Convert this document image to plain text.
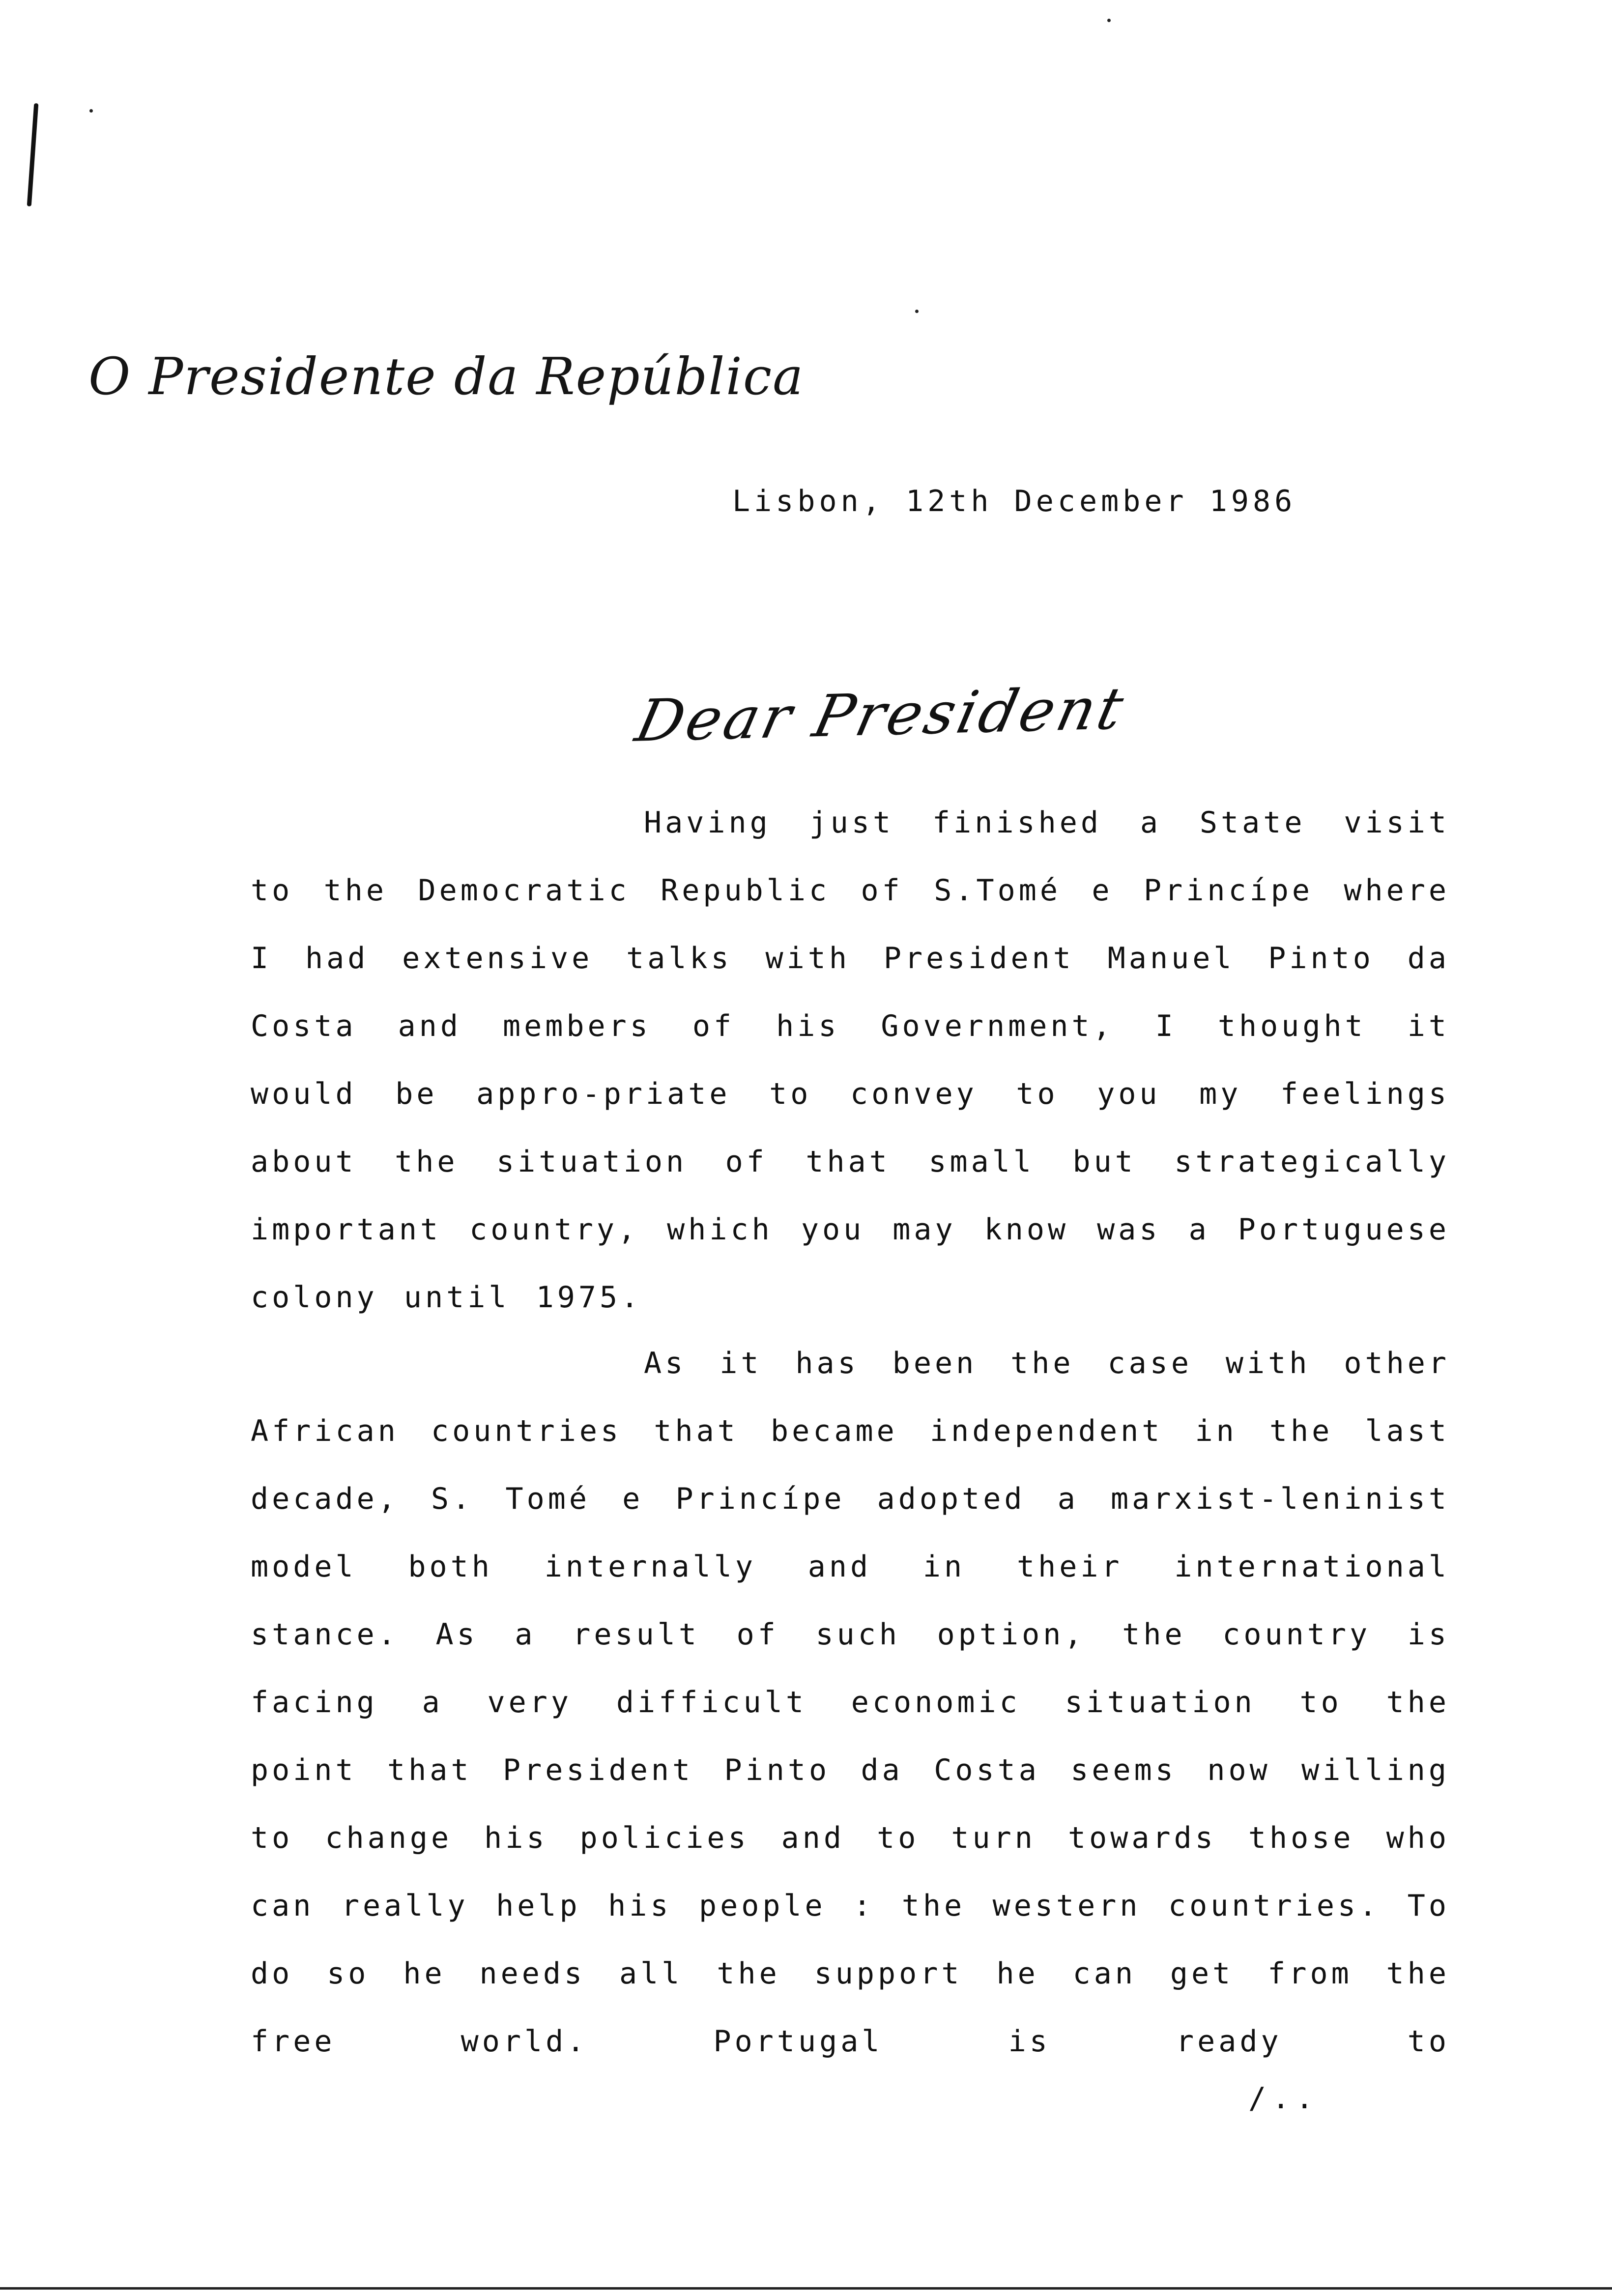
O Presidente da República
Lisbon, 12th December 1986
Dear President

Having just finished a State visit to the Democratic Republic of S.Tomé e Princípe where I had extensive talks with President Manuel Pinto da Costa and members of his Government, I thought it would be appro-priate to convey to you my feelings about the situation of that small but strategically important country, which you may know was a Portuguese colony until 1975.

As it has been the case with other African countries that became independent in the last decade, S. Tomé e Princípe adopted a marxist-leninist model both internally and in their international stance. As a result of such option, the country is facing a very difficult economic situation to the point that President Pinto da Costa seems now willing to change his policies and to turn towards those who can really help his people : the western countries. To do so he needs all the support he can get from the free world. Portugal is ready to

/..
